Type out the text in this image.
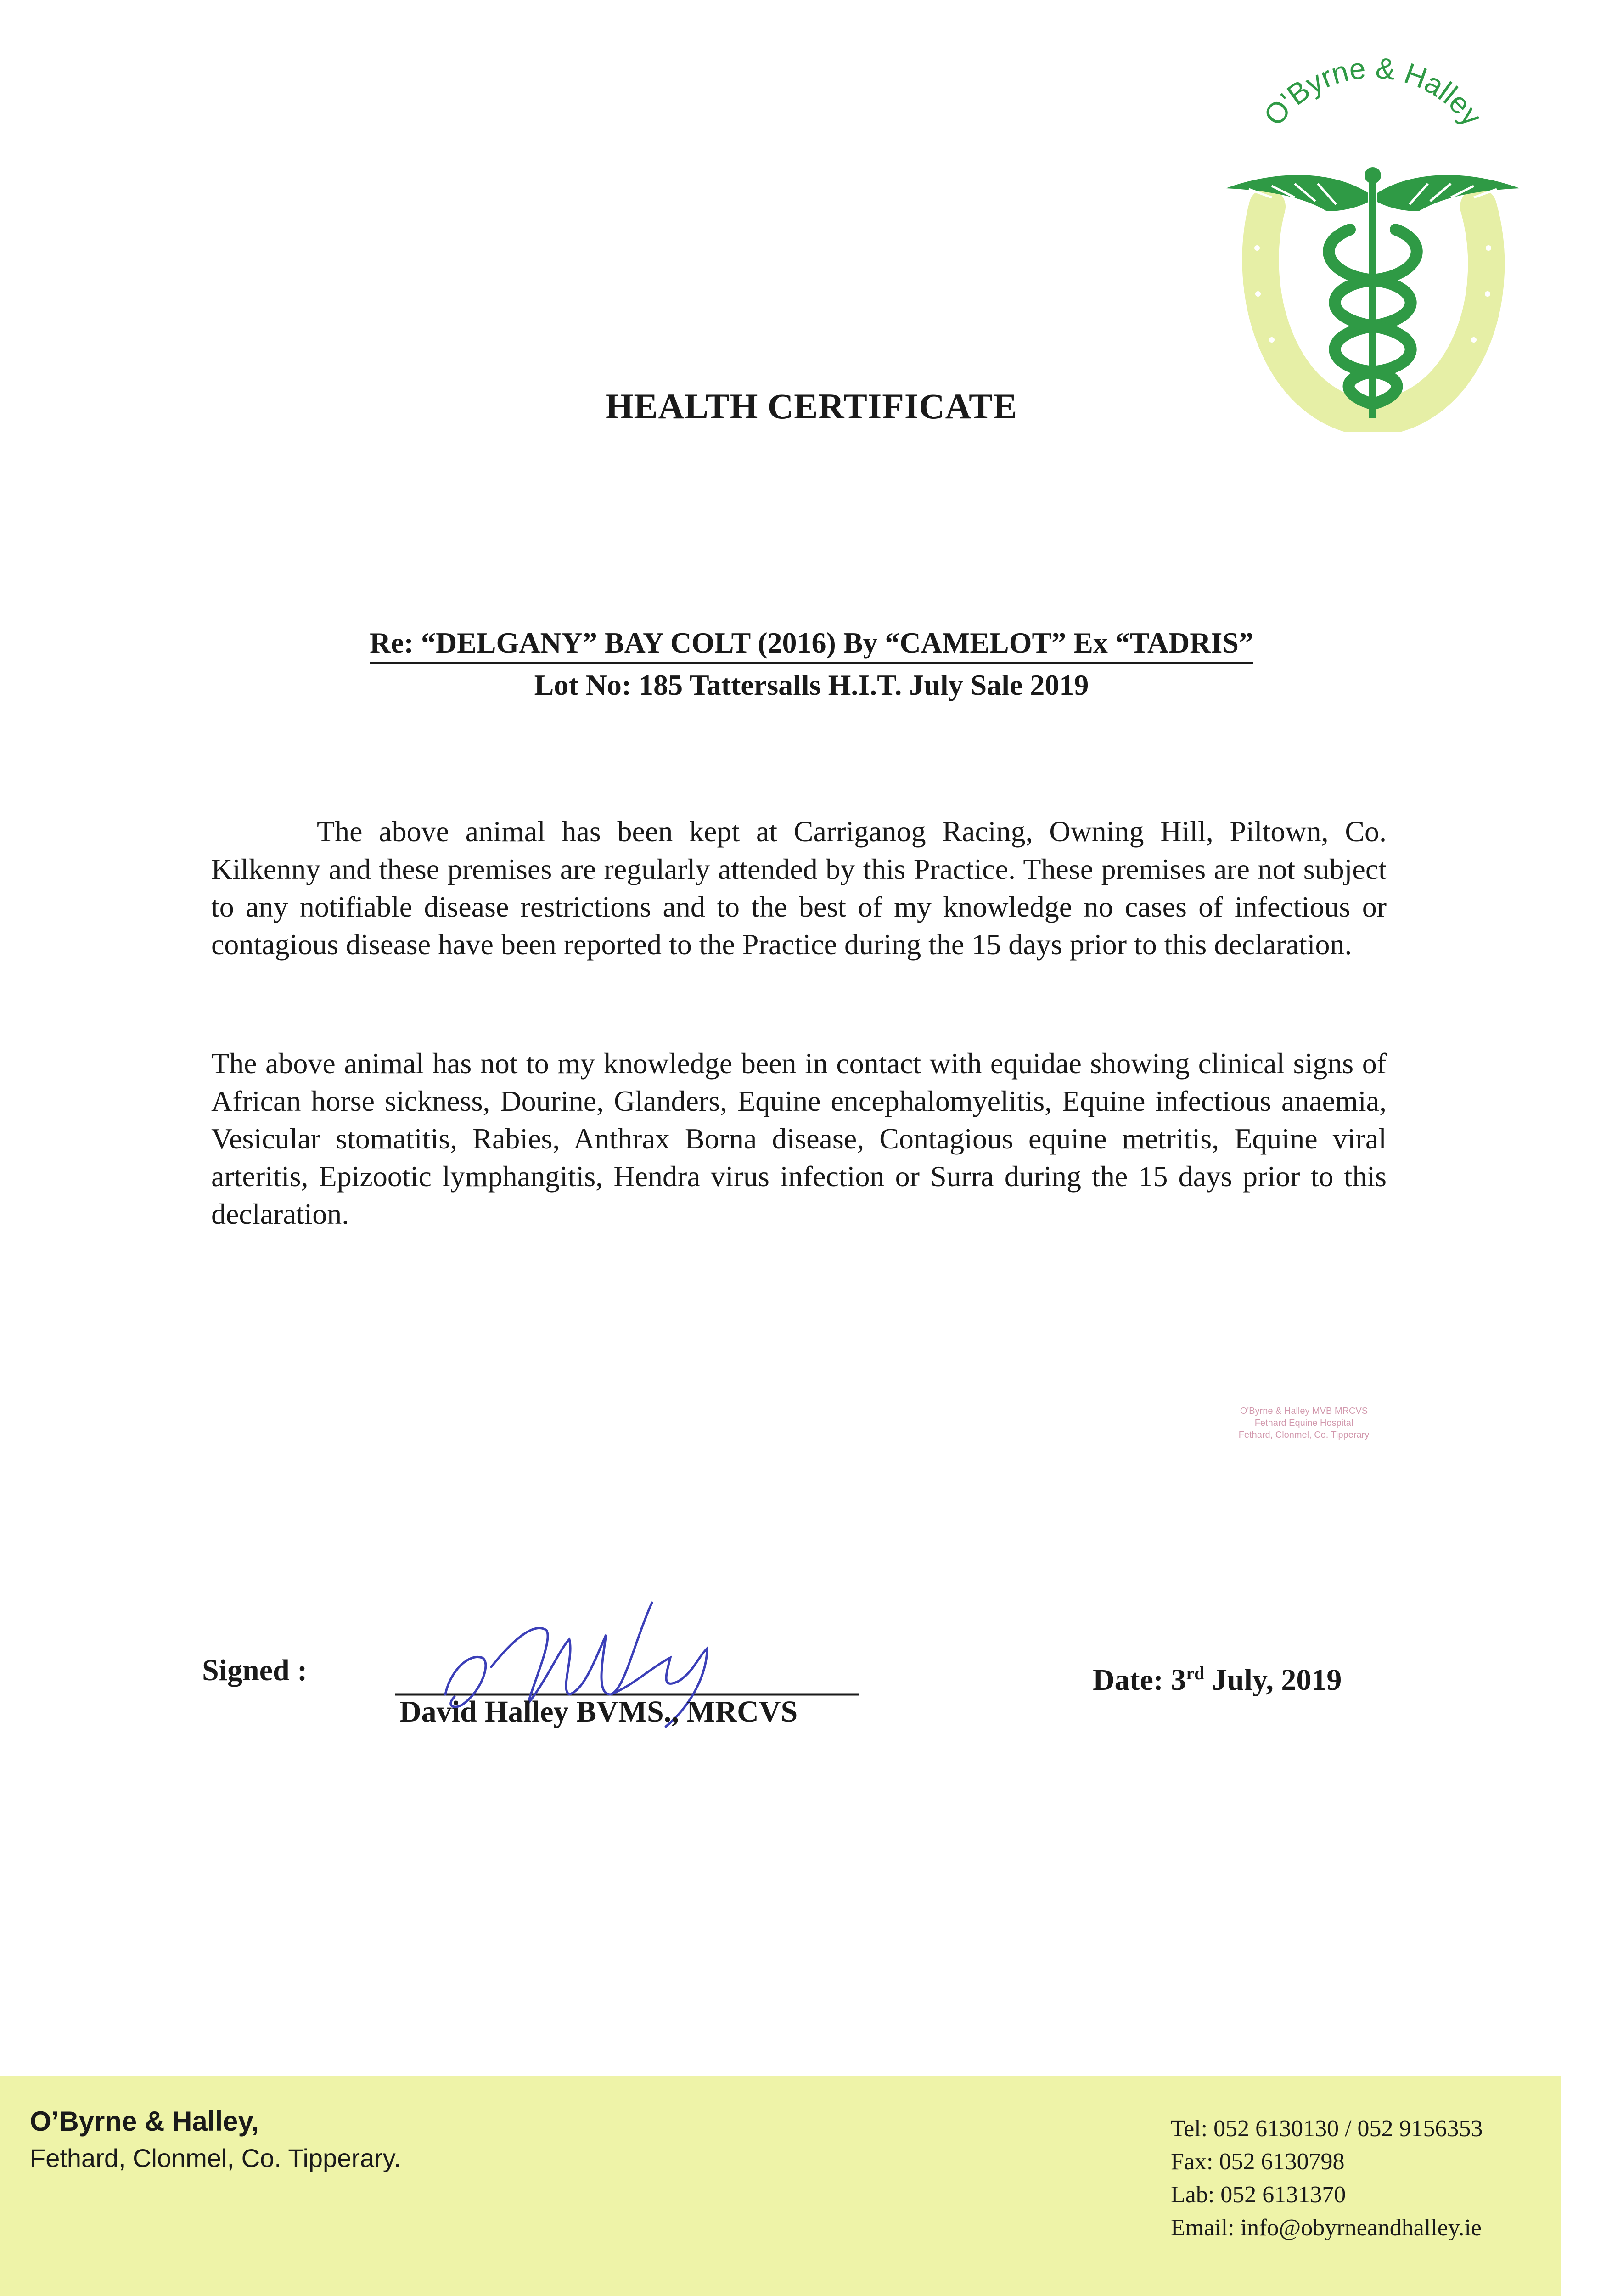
O'Byrne & Halley
HEALTH CERTIFICATE
Re: “DELGANY” BAY COLT (2016) By “CAMELOT” Ex “TADRIS”
Lot No: 185 Tattersalls H.I.T. July Sale 2019

The above animal has been kept at Carriganog Racing, Owning Hill, Piltown, Co. Kilkenny and these premises are regularly attended by this Practice. These premises are not subject to any notifiable disease restrictions and to the best of my knowledge no cases of infectious or contagious disease have been reported to the Practice during the 15 days prior to this declaration.

The above animal has not to my knowledge been in contact with equidae showing clinical signs of African horse sickness, Dourine, Glanders, Equine encephalomyelitis, Equine infectious anaemia, Vesicular stomatitis, Rabies, Anthrax Borna disease, Contagious equine metritis, Equine viral arteritis, Epizootic lymphangitis, Hendra virus infection or Surra during the 15 days prior to this declaration.

O'Byrne & Halley MVB MRCVS
Fethard Equine Hospital
Fethard, Clonmel, Co. Tipperary
Signed :
David Halley BVMS., MRCVS
Date: 3rd July, 2019
O’Byrne & Halley,
Fethard, Clonmel, Co. Tipperary.
Tel: 052 6130130 / 052 9156353
Fax: 052 6130798
Lab: 052 6131370
Email: info@obyrneandhalley.ie
